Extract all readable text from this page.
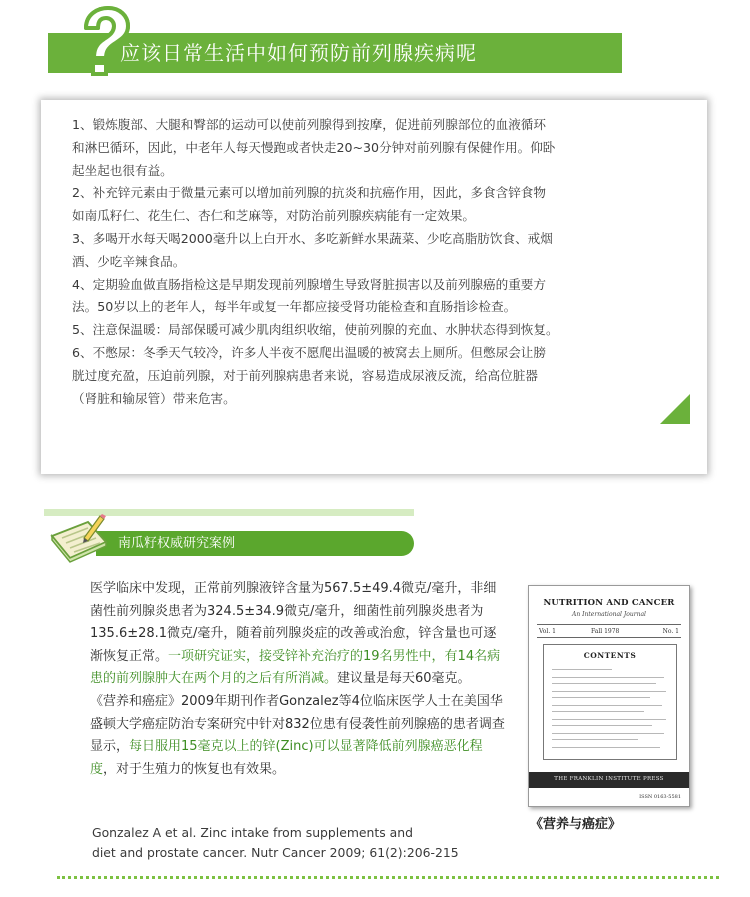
应该日常生活中如何预防前列腺疾病呢
1、锻炼腹部、大腿和臀部的运动可以使前列腺得到按摩，促进前列腺部位的血液循环
和淋巴循环，因此，中老年人每天慢跑或者快走20~30分钟对前列腺有保健作用。仰卧
起坐起也很有益。
2、补充锌元素由于微量元素可以增加前列腺的抗炎和抗癌作用，因此，多食含锌食物
如南瓜籽仁、花生仁、杏仁和芝麻等，对防治前列腺疾病能有一定效果。
3、多喝开水每天喝2000毫升以上白开水、多吃新鲜水果蔬菜、少吃高脂肪饮食、戒烟
酒、少吃辛辣食品。
4、定期验血做直肠指检这是早期发现前列腺增生导致肾脏损害以及前列腺癌的重要方
法。50岁以上的老年人，每半年或复一年都应接受肾功能检查和直肠指诊检查。
5、注意保温暖：局部保暖可减少肌肉组织收缩，使前列腺的充血、水肿状态得到恢复。
6、不憋尿：冬季天气较冷，许多人半夜不愿爬出温暖的被窝去上厕所。但憋尿会让膀
胱过度充盈，压迫前列腺，对于前列腺病患者来说，容易造成尿液反流，给高位脏器
（肾脏和输尿管）带来危害。
南瓜籽权威研究案例

医学临床中发现，正常前列腺液锌含量为567.5±49.4微克/毫升，非细菌性前列腺炎患者为324.5±34.9微克/毫升，细菌性前列腺炎患者为135.6±28.1微克/毫升，随着前列腺炎症的改善或治愈，锌含量也可逐渐恢复正常。一项研究证实，接受锌补充治疗的19名男性中，有14名病患的前列腺肿大在两个月的之后有所消减。建议量是每天60毫克。
《营养和癌症》2009年期刊作者Gonzalez等4位临床医学人士在美国华盛顿大学癌症防治专案研究中针对832位患有侵袭性前列腺癌的患者调查显示，每日服用15毫克以上的锌(Zinc)可以显著降低前列腺癌恶化程度，对于生殖力的恢复也有效果。

Gonzalez A et al. Zinc intake from supplements and
diet and prostate cancer. Nutr Cancer 2009; 61(2):206-215

NUTRITION AND CANCER
An International Journal
Vol. 1	Fall 1978	No. 1
CONTENTS
THE FRANKLIN INSTITUTE PRESS
ISSN 0163-5581
《营养与癌症》
